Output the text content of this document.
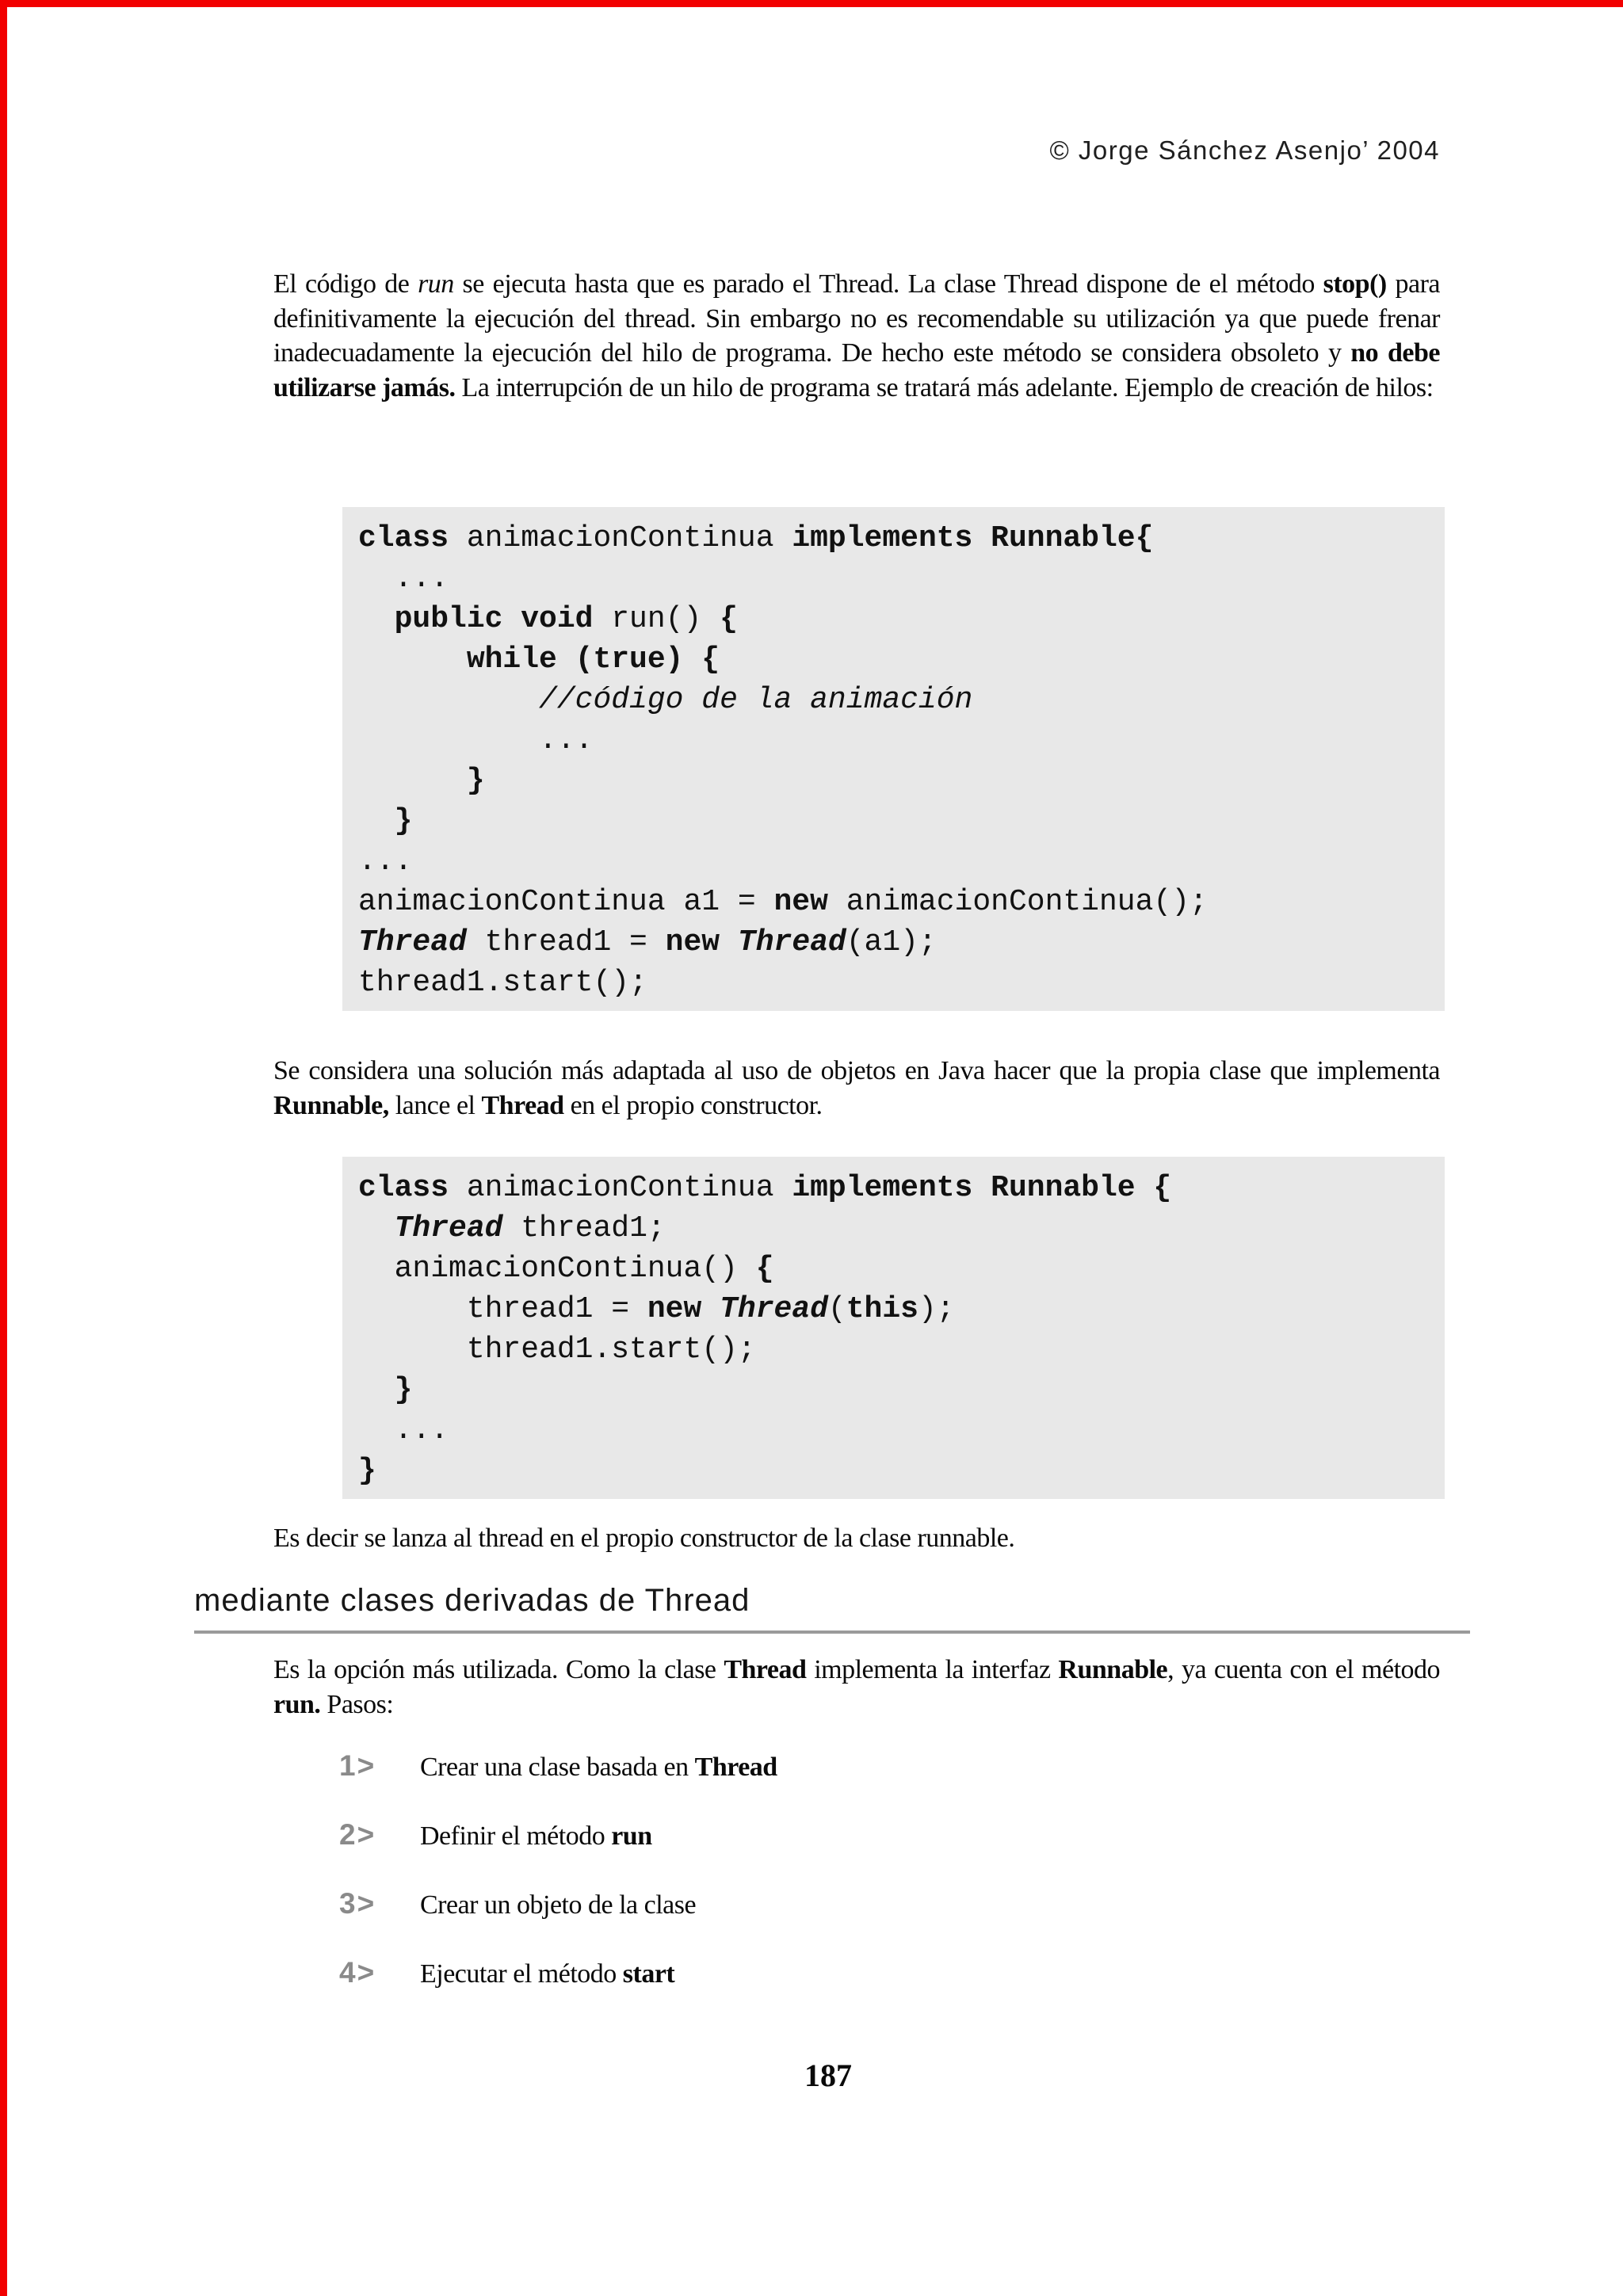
© Jorge Sánchez Asenjo’ 2004

El código de run se ejecuta hasta que es parado el Thread. La clase Thread dispone de el método stop() para definitivamente la ejecución del thread. Sin embargo no es recomendable su utilización ya que puede frenar inadecuadamente la ejecución del hilo de programa. De hecho este método se considera obsoleto y no debe utilizarse jamás. La interrupción de un hilo de programa se tratará más adelante. Ejemplo de creación de hilos:

class animacionContinua implements Runnable{
...
public void run() {
while (true) {
//código de la animación
...
}
}
...
animacionContinua a1 = new animacionContinua();
Thread thread1 = new Thread(a1);
thread1.start();

Se considera una solución más adaptada al uso de objetos en Java hacer que la propia clase que implementa Runnable, lance el Thread en el propio constructor.

class animacionContinua implements Runnable {
Thread thread1;
animacionContinua() {
thread1 = new Thread(this);
thread1.start();
}
...
}

Es decir se lanza al thread en el propio constructor de la clase runnable.

mediante clases derivadas de Thread

Es la opción más utilizada. Como la clase Thread implementa la interfaz Runnable, ya cuenta con el método run. Pasos:

1>	Crear una clase basada en Thread
2>	Definir el método run
3>	Crear un objeto de la clase
4>	Ejecutar el método start
187
